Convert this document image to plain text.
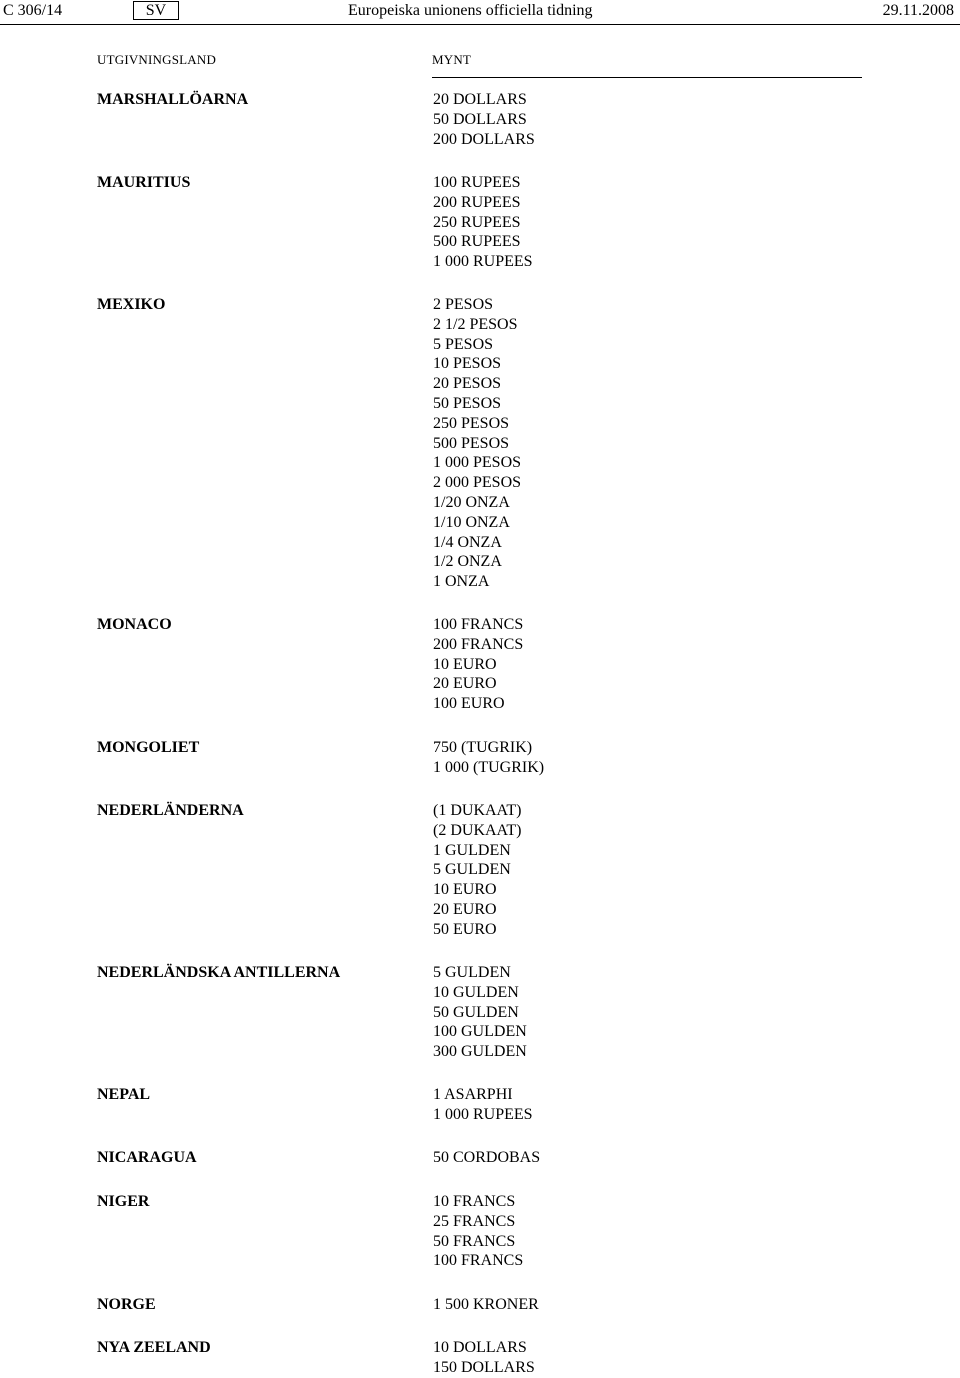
C 306/14	SV	Europeiska unionens officiella tidning	29.11.2008
UTGIVNINGSLAND	MYNT
MARSHALLÖARNA	20 DOLLARS
50 DOLLARS
200 DOLLARS
MAURITIUS	100 RUPEES
200 RUPEES
250 RUPEES
500 RUPEES
1 000 RUPEES
MEXIKO	2 PESOS
2 1/2 PESOS
5 PESOS
10 PESOS
20 PESOS
50 PESOS
250 PESOS
500 PESOS
1 000 PESOS
2 000 PESOS
1/20 ONZA
1/10 ONZA
1/4 ONZA
1/2 ONZA
1 ONZA
MONACO	100 FRANCS
200 FRANCS
10 EURO
20 EURO
100 EURO
MONGOLIET	750 (TUGRIK)
1 000 (TUGRIK)
NEDERLÄNDERNA	(1 DUKAAT)
(2 DUKAAT)
1 GULDEN
5 GULDEN
10 EURO
20 EURO
50 EURO
NEDERLÄNDSKA ANTILLERNA	5 GULDEN
10 GULDEN
50 GULDEN
100 GULDEN
300 GULDEN
NEPAL	1 ASARPHI
1 000 RUPEES
NICARAGUA	50 CORDOBAS
NIGER	10 FRANCS
25 FRANCS
50 FRANCS
100 FRANCS
NORGE	1 500 KRONER
NYA ZEELAND	10 DOLLARS
150 DOLLARS
